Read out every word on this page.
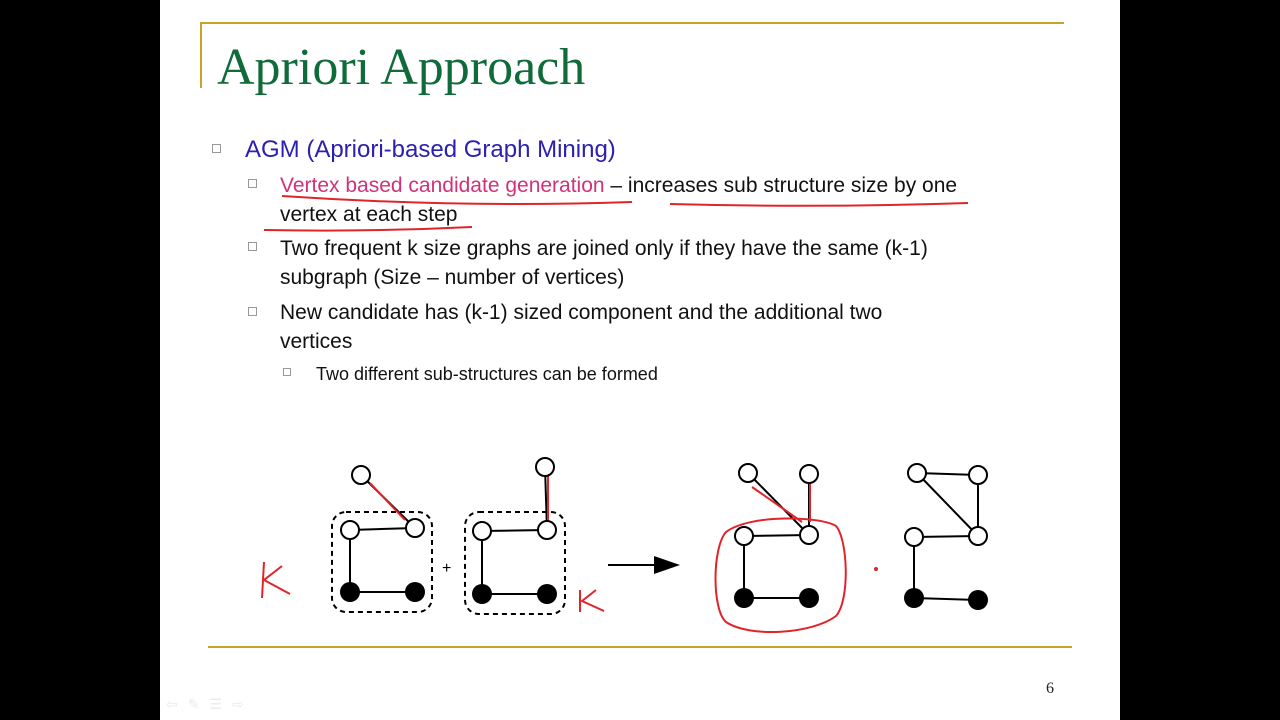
Apriori Approach
AGM (Apriori-based Graph Mining)
Vertex based candidate generation – increases sub structure size by one
vertex at each step
Two frequent k size graphs are joined only if they have the same (k-1)
subgraph (Size – number of vertices)
New candidate has (k-1) sized component and the additional two
vertices
Two different sub-structures can be formed
+
6
⇦ ✎ ☰ ⇨
